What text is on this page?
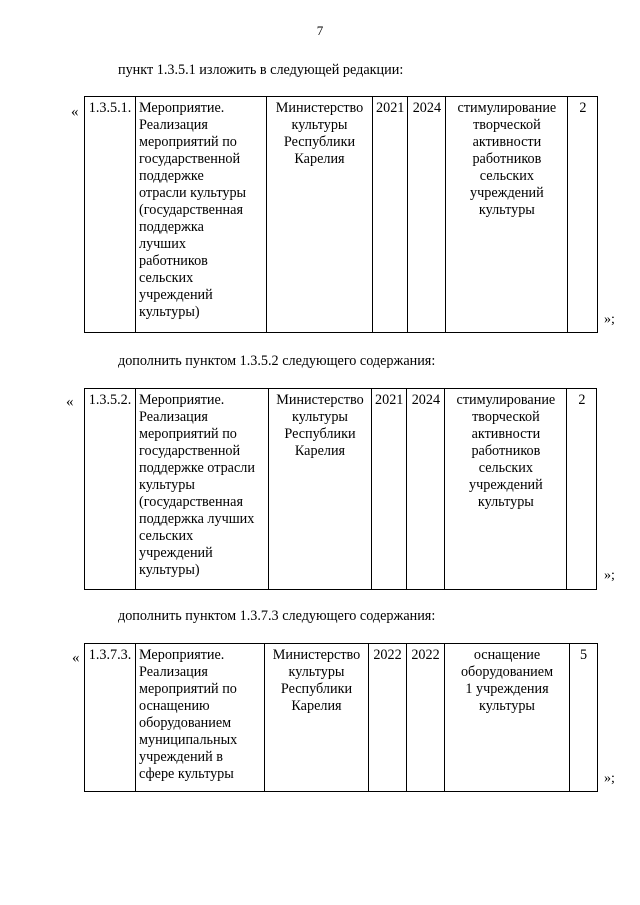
7
пункт 1.3.5.1 изложить в следующей редакции:
« 1.3.5.1.	Мероприятие.
Реализация
мероприятий по
государственной
поддержке
отрасли культуры
(государственная
поддержка
лучших
работников
сельских
учреждений
культуры)

Министерство
культуры
Республики
Карелия
	2021	2024	стимулирование
творческой
активности
работников
сельских
учреждений
культуры
	2
»;
дополнить пунктом 1.3.5.2 следующего содержания:
« 1.3.5.2.	Мероприятие.
Реализация
мероприятий по
государственной
поддержке отрасли
культуры
(государственная
поддержка лучших
сельских
учреждений
культуры)

Министерство
культуры
Республики
Карелия
	2021	2024	стимулирование
творческой
активности
работников
сельских
учреждений
культуры
	2
»;
дополнить пунктом 1.3.7.3 следующего содержания:
« 1.3.7.3.	Мероприятие.
Реализация
мероприятий по
оснащению
оборудованием
муниципальных
учреждений в
сфере культуры

Министерство
культуры
Республики
Карелия
	2022	2022	оснащение
оборудованием
1 учреждения
культуры
	5
»;
